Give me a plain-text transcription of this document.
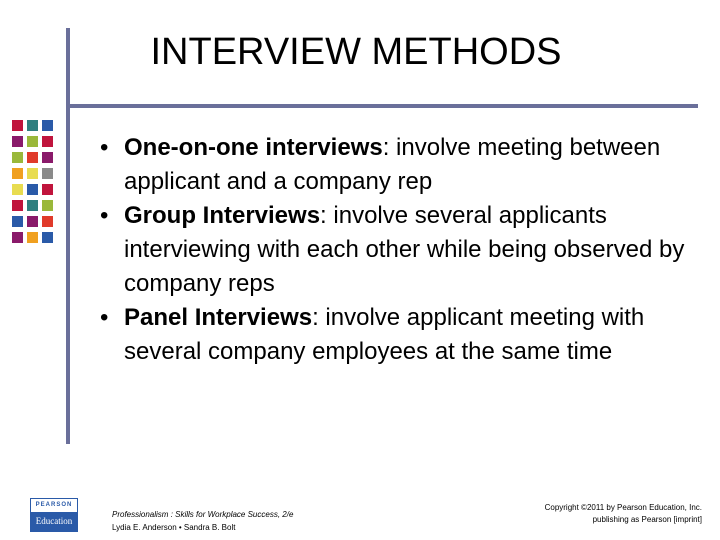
INTERVIEW METHODS
• One-on-one interviews: involve meeting between applicant and a company rep
• Group Interviews: involve several applicants interviewing with each other while being observed by company reps
• Panel Interviews: involve applicant meeting with several company employees at the same time
PEARSON
Education
Professionalism : Skills for Workplace Success, 2/e
Lydia E. Anderson • Sandra B. Bolt
Copyright ©2011 by Pearson Education, Inc.
publishing as Pearson [imprint]
